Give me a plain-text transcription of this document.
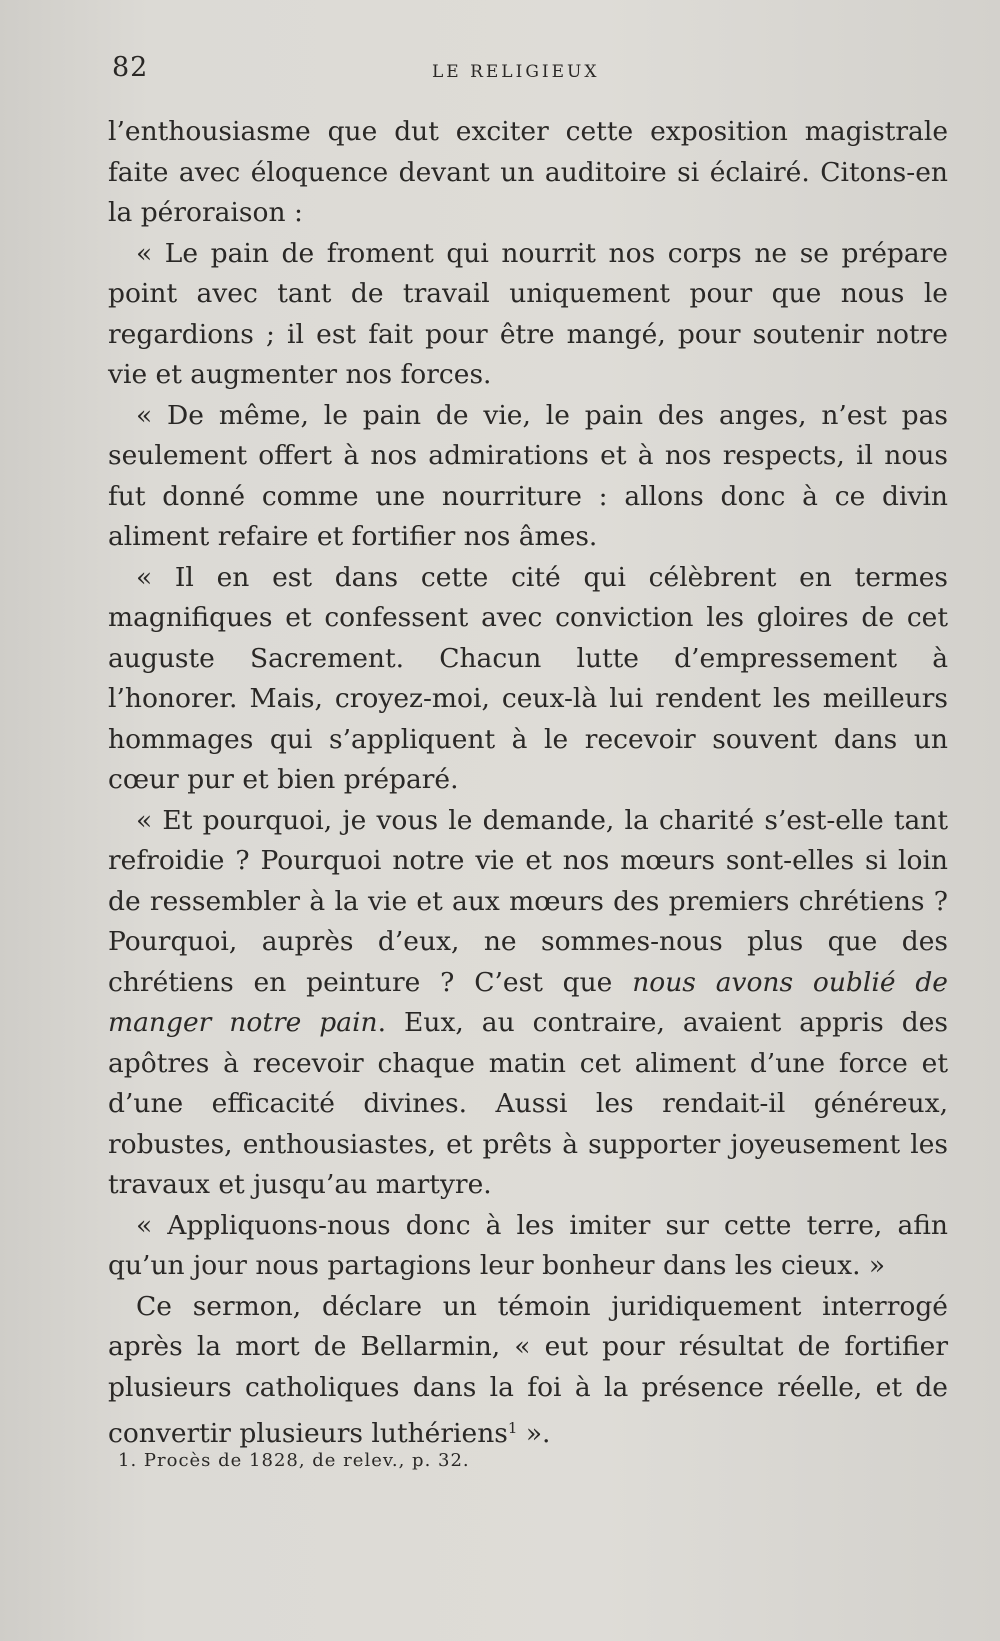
82	LE RELIGIEUX

l’enthousiasme que dut exciter cette exposition magistrale faite avec éloquence devant un auditoire si éclairé. Citons-en la péroraison :

« Le pain de froment qui nourrit nos corps ne se prépare point avec tant de travail uniquement pour que nous le regardions ; il est fait pour être mangé, pour soutenir notre vie et augmenter nos forces.

« De même, le pain de vie, le pain des anges, n’est pas seulement offert à nos admirations et à nos respects, il nous fut donné comme une nourriture : allons donc à ce divin aliment refaire et fortifier nos âmes.

« Il en est dans cette cité qui célèbrent en termes magnifiques et confessent avec conviction les gloires de cet auguste Sacrement. Chacun lutte d’empressement à l’honorer. Mais, croyez-moi, ceux-là lui rendent les meilleurs hommages qui s’appliquent à le recevoir souvent dans un cœur pur et bien préparé.

« Et pourquoi, je vous le demande, la charité s’est-elle tant refroidie ? Pourquoi notre vie et nos mœurs sont-elles si loin de ressembler à la vie et aux mœurs des premiers chrétiens ? Pourquoi, auprès d’eux, ne sommes-nous plus que des chrétiens en peinture ? C’est que nous avons oublié de manger notre pain. Eux, au contraire, avaient appris des apôtres à recevoir chaque matin cet aliment d’une force et d’une efficacité divines. Aussi les rendait-il généreux, robustes, enthousiastes, et prêts à supporter joyeusement les travaux et jusqu’au martyre.

« Appliquons-nous donc à les imiter sur cette terre, afin qu’un jour nous partagions leur bonheur dans les cieux. »

Ce sermon, déclare un témoin juridiquement interrogé après la mort de Bellarmin, « eut pour résultat de fortifier plusieurs catholiques dans la foi à la présence réelle, et de convertir plusieurs luthériens$^1$ ».

1. Procès de 1828, de relev., p. 32.
